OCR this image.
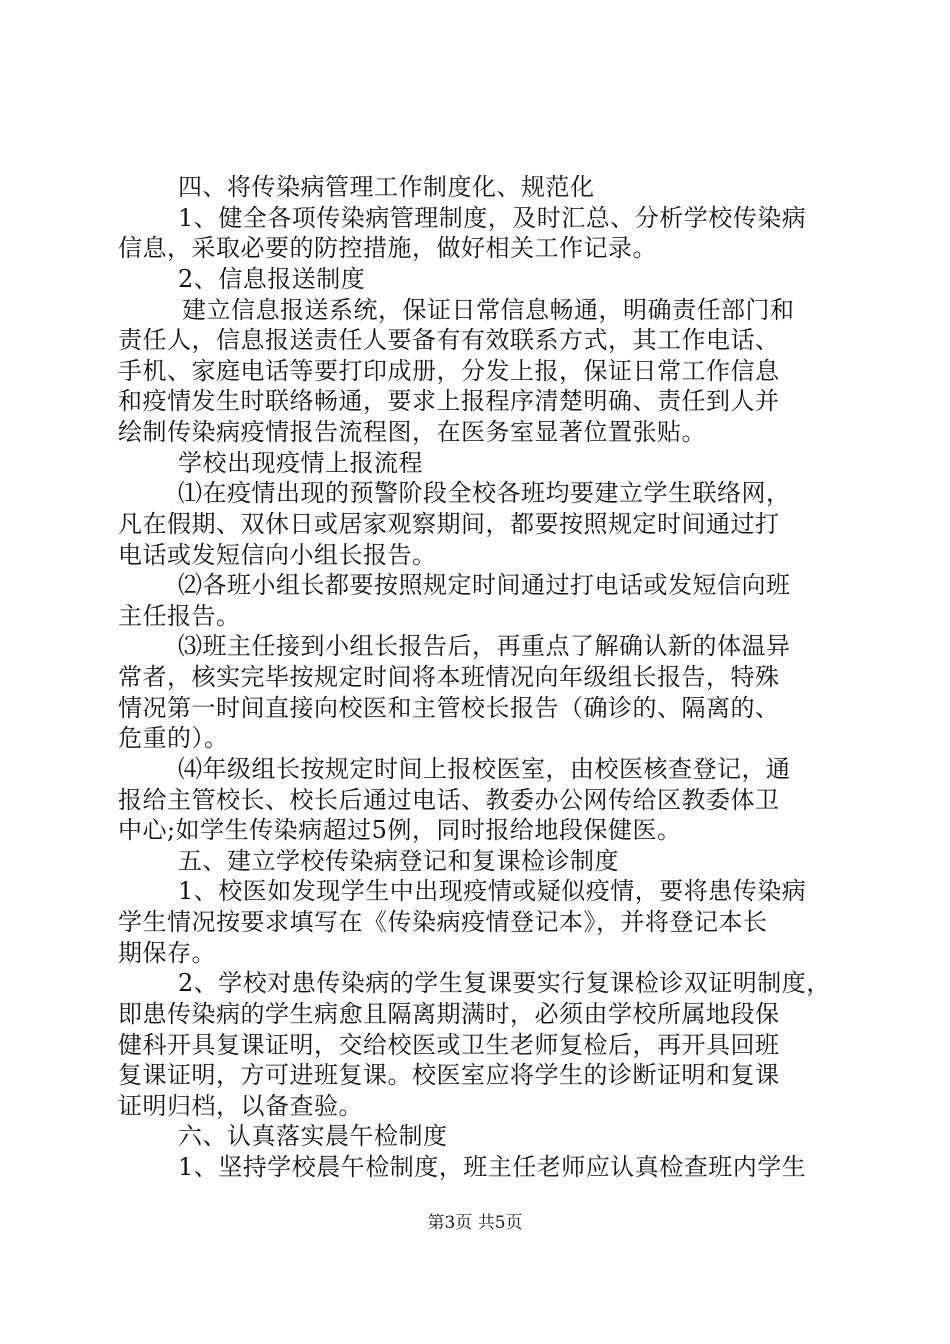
四、将传染病管理工作制度化、规范化
1、健全各项传染病管理制度，及时汇总、分析学校传染病
信息，采取必要的防控措施，做好相关工作记录。
2、信息报送制度
建立信息报送系统，保证日常信息畅通，明确责任部门和
责任人，信息报送责任人要备有有效联系方式，其工作电话、
手机、家庭电话等要打印成册，分发上报，保证日常工作信息
和疫情发生时联络畅通，要求上报程序清楚明确、责任到人并
绘制传染病疫情报告流程图，在医务室显著位置张贴。
学校出现疫情上报流程
⑴在疫情出现的预警阶段全校各班均要建立学生联络网，
凡在假期、双休日或居家观察期间，都要按照规定时间通过打
电话或发短信向小组长报告。
⑵各班小组长都要按照规定时间通过打电话或发短信向班
主任报告。
⑶班主任接到小组长报告后，再重点了解确认新的体温异
常者，核实完毕按规定时间将本班情况向年级组长报告，特殊
情况第一时间直接向校医和主管校长报告（确诊的、隔离的、
危重的）。
⑷年级组长按规定时间上报校医室，由校医核查登记，通
报给主管校长、校长后通过电话、教委办公网传给区教委体卫
中心;如学生传染病超过5例，同时报给地段保健医。
五、建立学校传染病登记和复课检诊制度
1、校医如发现学生中出现疫情或疑似疫情，要将患传染病
学生情况按要求填写在《传染病疫情登记本》，并将登记本长
期保存。
2、学校对患传染病的学生复课要实行复课检诊双证明制度，
即患传染病的学生病愈且隔离期满时，必须由学校所属地段保
健科开具复课证明，交给校医或卫生老师复检后，再开具回班
复课证明，方可进班复课。校医室应将学生的诊断证明和复课
证明归档，以备查验。
六、认真落实晨午检制度
1、坚持学校晨午检制度，班主任老师应认真检查班内学生
第3页 共5页
